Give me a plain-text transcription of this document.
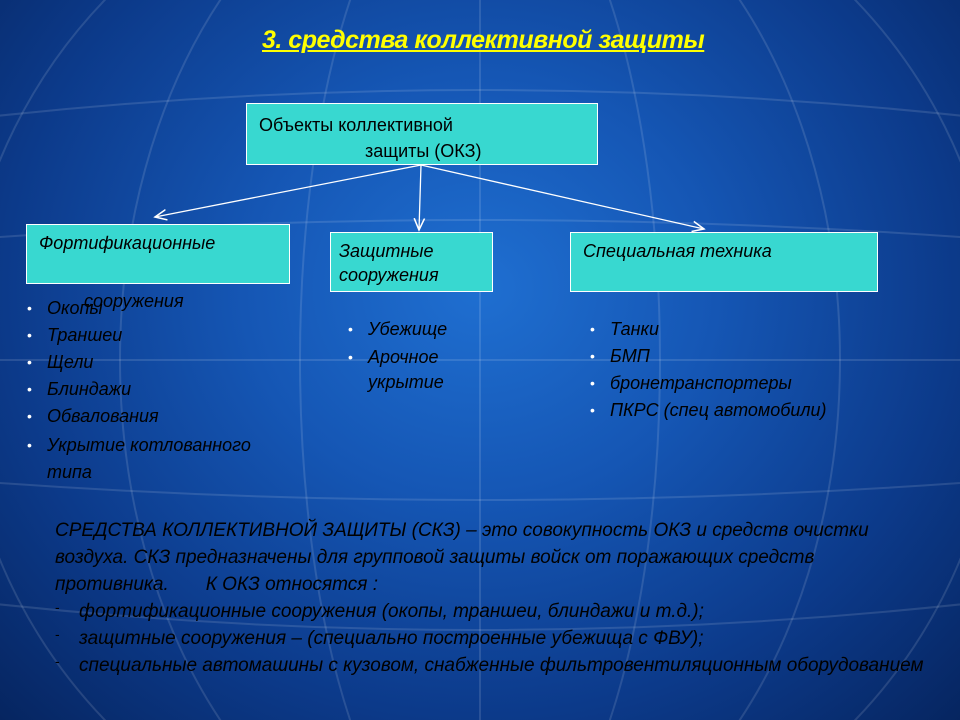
3. средства коллективной защиты
Объекты коллективной
защиты (ОКЗ)
Фортификационные
сооружения
Защитные
сооружения
Специальная техника
• Окопы
• Траншеи
• Щели
• Блиндажи
• Обвалования
• Укрытие котлованного типа
• Убежище
• Арочное укрытие
• Танки
• БМП
• бронетранспортеры
• ПКРС (спец автомобили)

СРЕДСТВА КОЛЛЕКТИВНОЙ ЗАЩИТЫ (СКЗ) – это совокупность ОКЗ и средств очистки воздуха. СКЗ предназначены для групповой защиты войск от поражающих средств противника. К ОКЗ относятся :

- фортификационные сооружения (окопы, траншеи, блиндажи и т.д.);

- защитные сооружения – (специально построенные убежища с ФВУ);

- специальные автомашины с кузовом, снабженные фильтровентиляционным оборудованием
